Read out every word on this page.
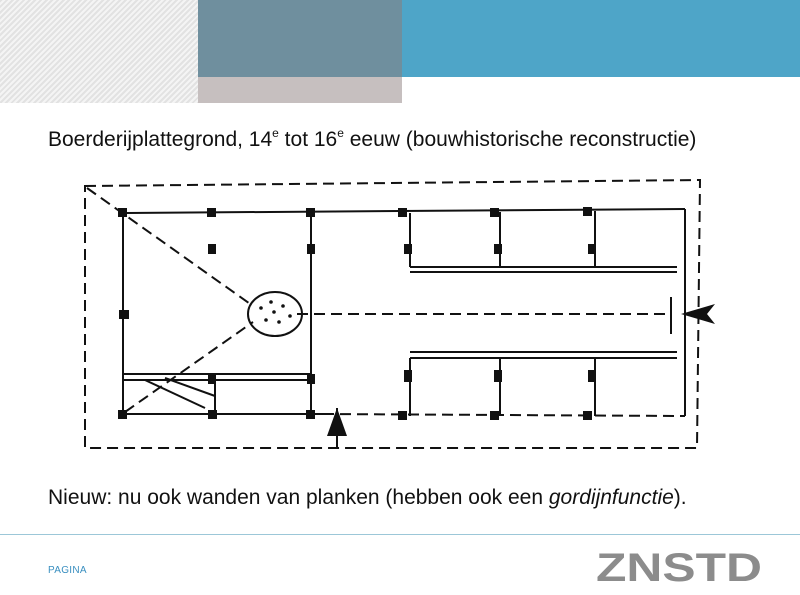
Boerderijplattegrond, 14e tot 16e eeuw (bouwhistorische reconstructie)
Nieuw: nu ook wanden van planken (hebben ook een gordijnfunctie).
PAGINA	ZNSTD
